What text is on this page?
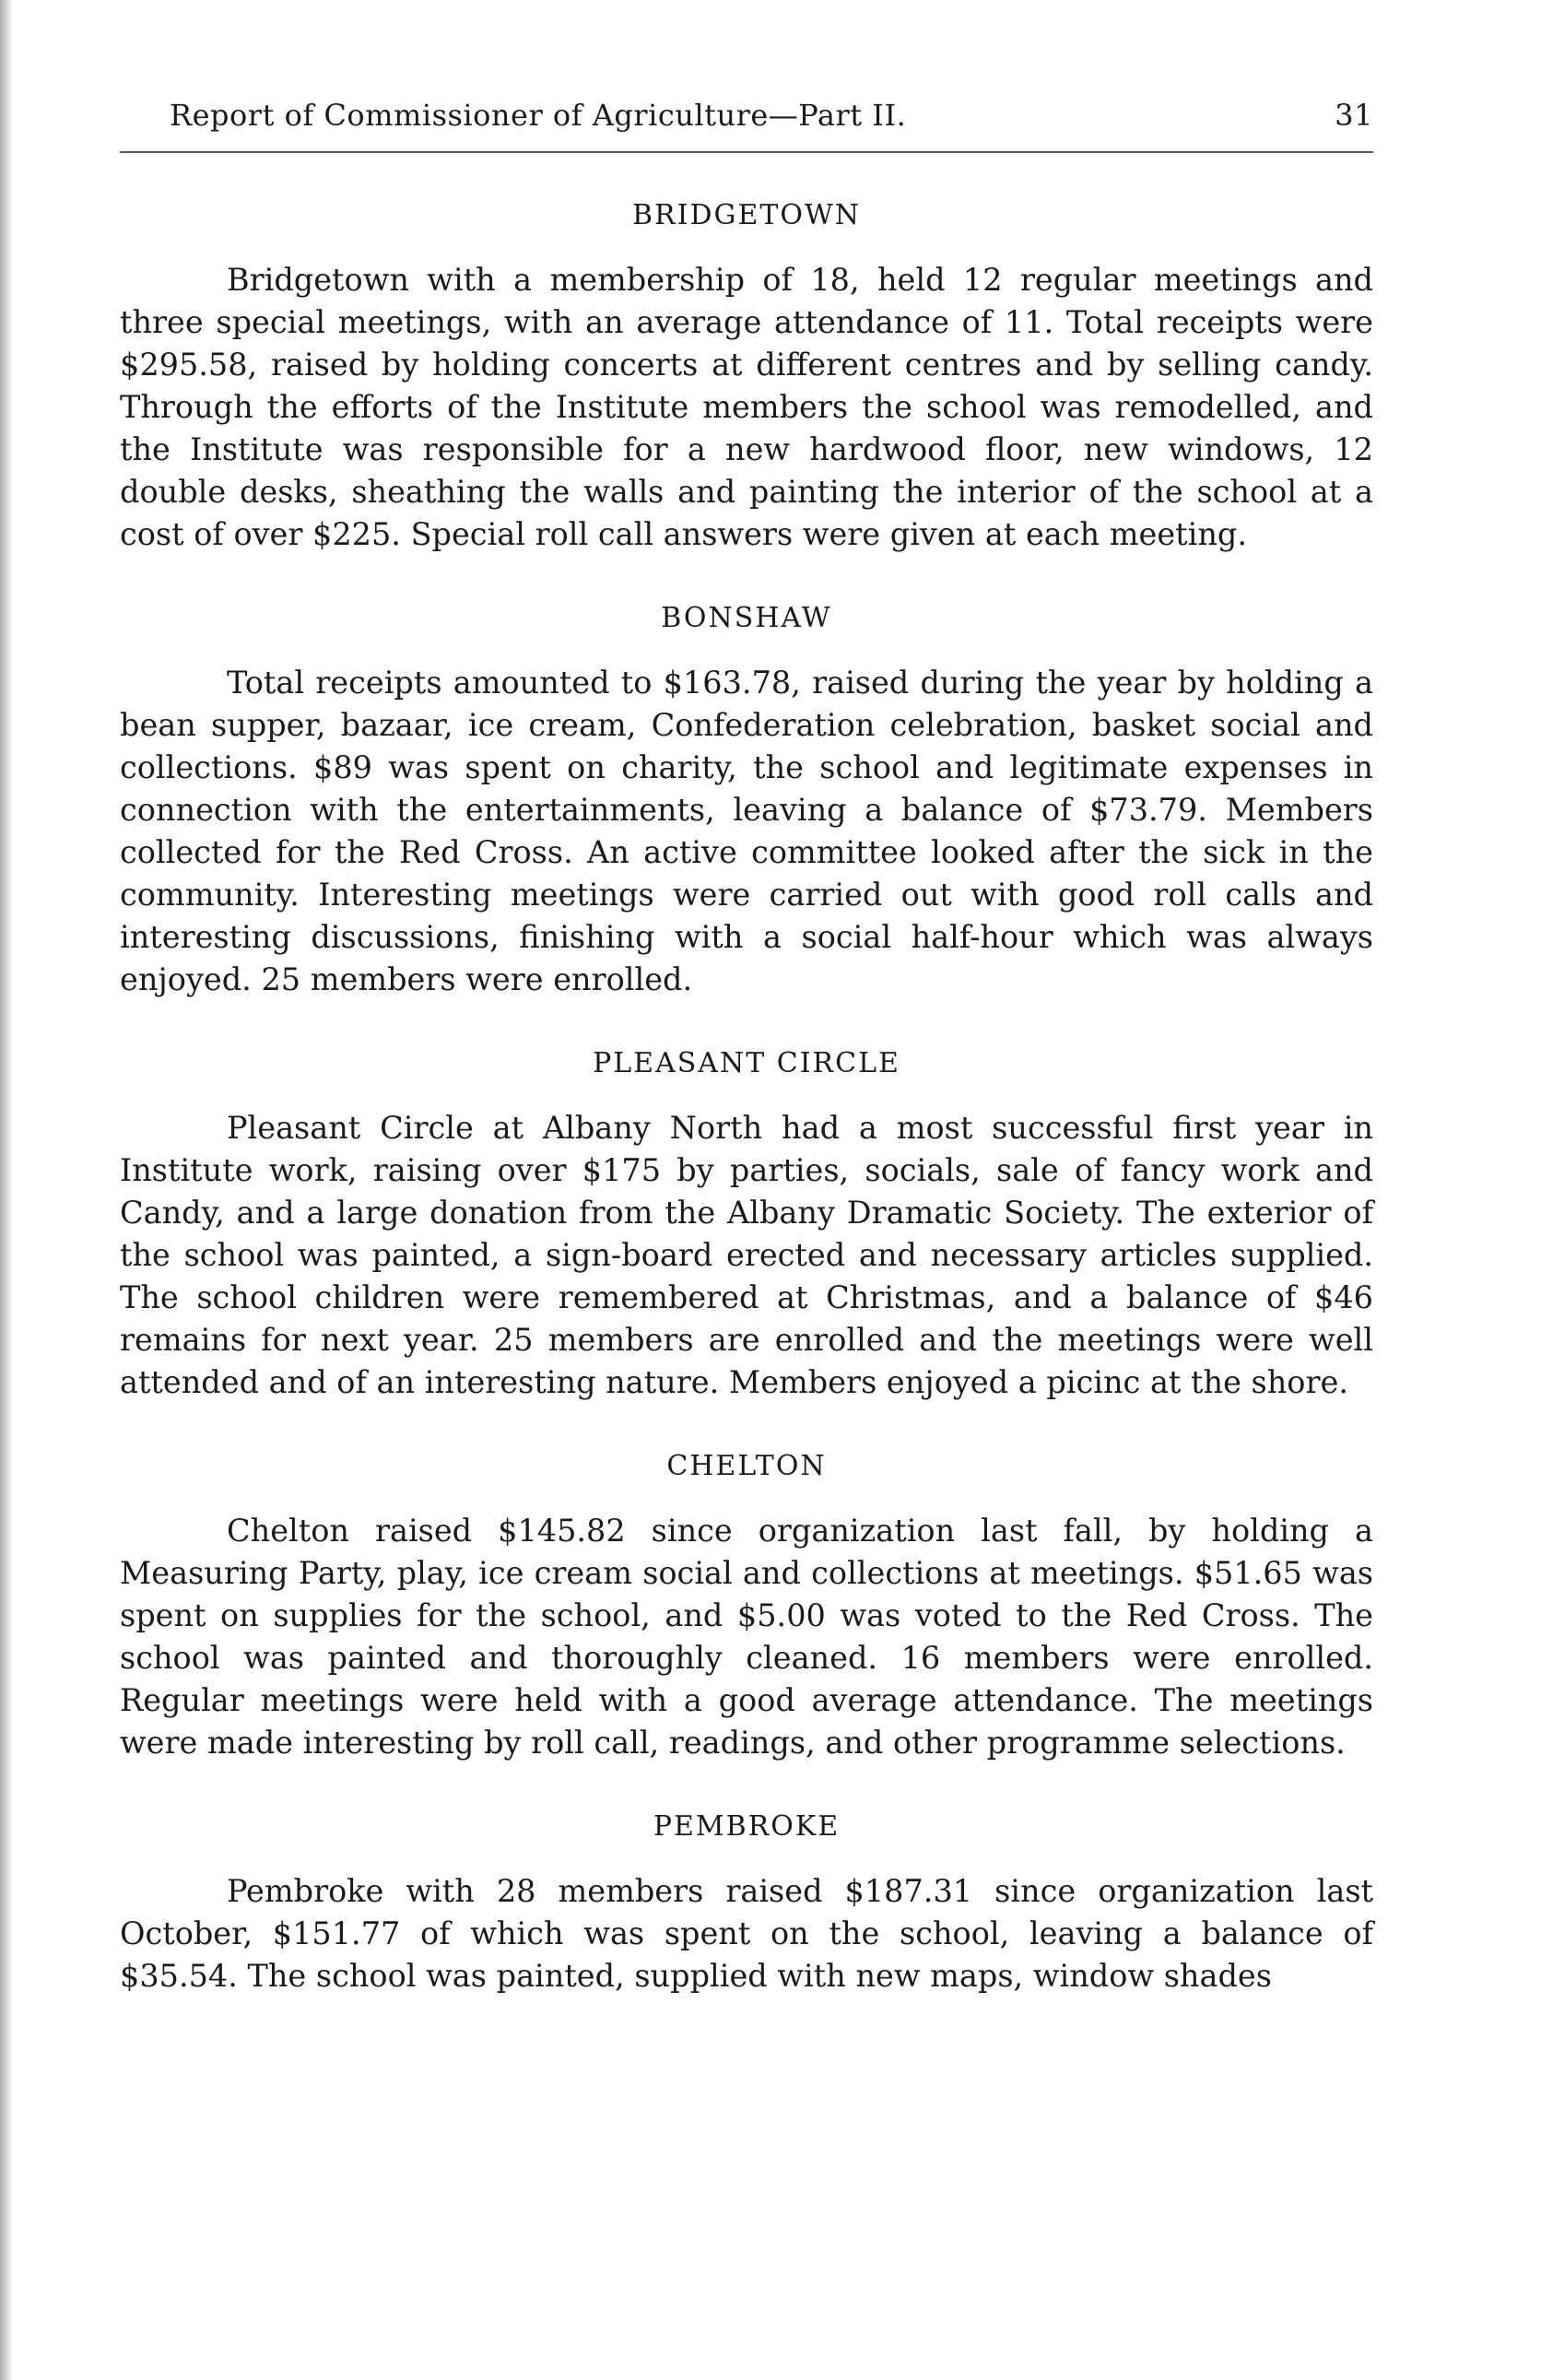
Report of Commissioner of Agriculture—Part II.	31
BRIDGETOWN

Bridgetown with a membership of 18, held 12 regular meetings and three special meetings, with an average attendance of 11. Total receipts were $295.58, raised by holding concerts at different centres and by selling candy. Through the efforts of the Institute members the school was remodelled, and the Institute was responsible for a new hardwood floor, new windows, 12 double desks, sheathing the walls and painting the interior of the school at a cost of over $225. Special roll call answers were given at each meeting.

BONSHAW

Total receipts amounted to $163.78, raised during the year by holding a bean supper, bazaar, ice cream, Confederation celebration, basket social and collections. $89 was spent on charity, the school and legitimate expenses in connection with the entertainments, leaving a balance of $73.79. Members collected for the Red Cross. An active committee looked after the sick in the community. Interesting meetings were carried out with good roll calls and interesting discussions, finishing with a social half-hour which was always enjoyed. 25 members were enrolled.

PLEASANT CIRCLE

Pleasant Circle at Albany North had a most successful first year in Institute work, raising over $175 by parties, socials, sale of fancy work and Candy, and a large donation from the Albany Dramatic Society. The exterior of the school was painted, a sign-board erected and necessary articles supplied. The school children were remembered at Christmas, and a balance of $46 remains for next year. 25 members are enrolled and the meetings were well attended and of an interesting nature. Members enjoyed a picinc at the shore.

CHELTON

Chelton raised $145.82 since organization last fall, by holding a Measuring Party, play, ice cream social and collections at meetings. $51.65 was spent on supplies for the school, and $5.00 was voted to the Red Cross. The school was painted and thoroughly cleaned. 16 members were enrolled. Regular meetings were held with a good average attendance. The meetings were made interesting by roll call, readings, and other programme selections.

PEMBROKE

Pembroke with 28 members raised $187.31 since organization last October, $151.77 of which was spent on the school, leaving a balance of $35.54. The school was painted, supplied with new maps, window shades
